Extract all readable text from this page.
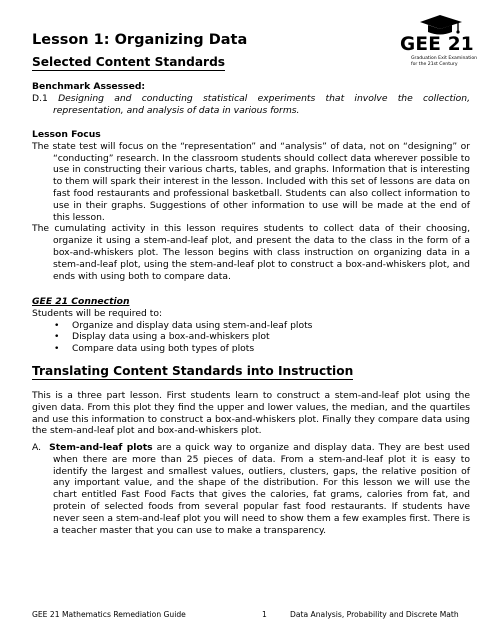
Lesson 1: Organizing Data	GEE 21
Graduation Exit Examination
for the 21st Century
Selected Content Standards

Benchmark Assessed:

D.1 Designing and conducting statistical experiments that involve the collection, representation, and analysis of data in various forms.

Lesson Focus

The state test will focus on the “representation” and “analysis” of data, not on “designing” or “conducting” research. In the classroom students should collect data wherever possible to use in constructing their various charts, tables, and graphs. Information that is interesting to them will spark their interest in the lesson. Included with this set of lessons are data on fast food restaurants and professional basketball. Students can also collect information to use in their graphs. Suggestions of other information to use will be made at the end of this lesson.

The cumulating activity in this lesson requires students to collect data of their choosing, organize it using a stem-and-leaf plot, and present the data to the class in the form of a box-and-whiskers plot. The lesson begins with class instruction on organizing data in a stem-and-leaf plot, using the stem-and-leaf plot to construct a box-and-whiskers plot, and ends with using both to compare data.

GEE 21 Connection

Students will be required to:

• Organize and display data using stem-and-leaf plots
• Display data using a box-and-whiskers plot
• Compare data using both types of plots
Translating Content Standards into Instruction

This is a three part lesson. First students learn to construct a stem-and-leaf plot using the given data. From this plot they find the upper and lower values, the median, and the quartiles and use this information to construct a box-and-whiskers plot. Finally they compare data using the stem-and-leaf plot and box-and-whiskers plot.

A. Stem-and-leaf plots are a quick way to organize and display data. They are best used when there are more than 25 pieces of data. From a stem-and-leaf plot it is easy to identify the largest and smallest values, outliers, clusters, gaps, the relative position of any important value, and the shape of the distribution. For this lesson we will use the chart entitled Fast Food Facts that gives the calories, fat grams, calories from fat, and protein of selected foods from several popular fast food restaurants. If students have never seen a stem-and-leaf plot you will need to show them a few examples first. There is a teacher master that you can use to make a transparency.

GEE 21 Mathematics Remediation Guide	1	Data Analysis, Probability and Discrete Math
